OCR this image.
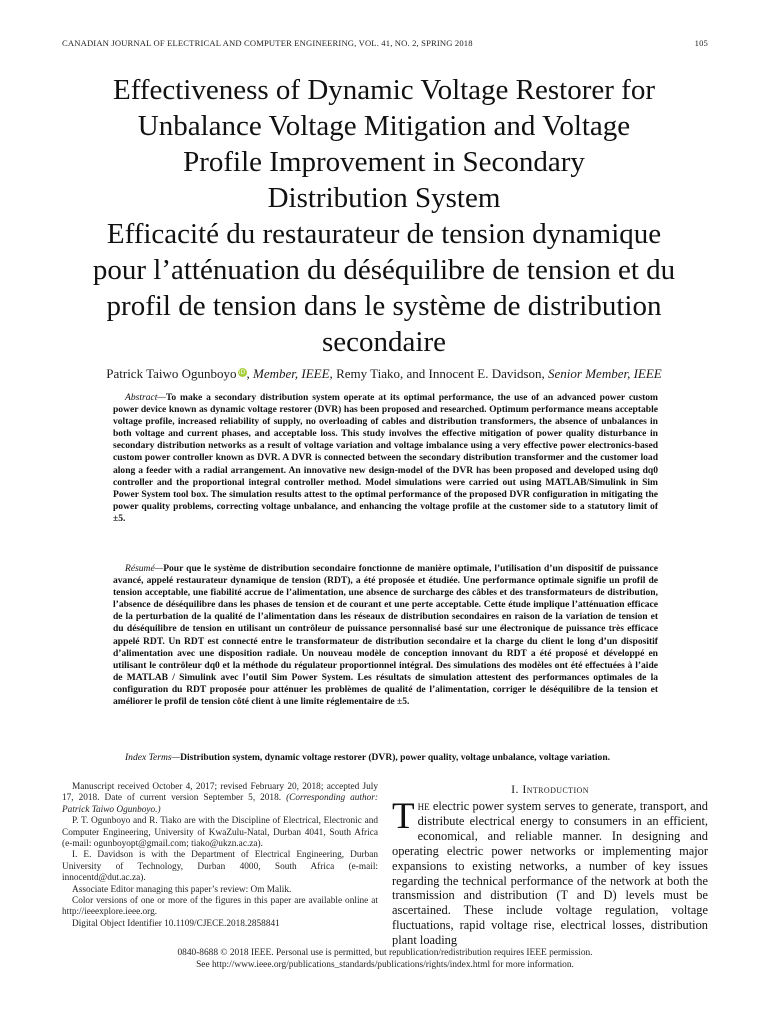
CANADIAN JOURNAL OF ELECTRICAL AND COMPUTER ENGINEERING, VOL. 41, NO. 2, SPRING 2018	105
Effectiveness of Dynamic Voltage Restorer for
Unbalance Voltage Mitigation and Voltage
Profile Improvement in Secondary
Distribution System
Efficacité du restaurateur de tension dynamique
pour l’atténuation du déséquilibre de tension et du
profil de tension dans le système de distribution
secondaire
Patrick Taiwo Ogunboyo iD, Member, IEEE, Remy Tiako, and Innocent E. Davidson, Senior Member, IEEE
Abstract—To make a secondary distribution system operate at its optimal performance, the use of an advanced power custom power device known as dynamic voltage restorer (DVR) has been proposed and researched. Optimum performance means acceptable voltage profile, increased reliability of supply, no overloading of cables and distribution transformers, the absence of unbalances in both voltage and current phases, and acceptable loss. This study involves the effective mitigation of power quality disturbance in secondary distribution networks as a result of voltage variation and voltage imbalance using a very effective power electronics-based custom power controller known as DVR. A DVR is connected between the secondary distribution transformer and the customer load along a feeder with a radial arrangement. An innovative new design-model of the DVR has been proposed and developed using dq0 controller and the proportional integral controller method. Model simulations were carried out using MATLAB/Simulink in Sim Power System tool box. The simulation results attest to the optimal performance of the proposed DVR configuration in mitigating the power quality problems, correcting voltage unbalance, and enhancing the voltage profile at the customer side to a statutory limit of ±5.
Résumé—Pour que le système de distribution secondaire fonctionne de manière optimale, l’utilisation d’un dispositif de puissance avancé, appelé restaurateur dynamique de tension (RDT), a été proposée et étudiée. Une performance optimale signifie un profil de tension acceptable, une fiabilité accrue de l’alimentation, une absence de surcharge des câbles et des transformateurs de distribution, l’absence de déséquilibre dans les phases de tension et de courant et une perte acceptable. Cette étude implique l’atténuation efficace de la perturbation de la qualité de l’alimentation dans les réseaux de distribution secondaires en raison de la variation de tension et du déséquilibre de tension en utilisant un contrôleur de puissance personnalisé basé sur une électronique de puissance très efficace appelé RDT. Un RDT est connecté entre le transformateur de distribution secondaire et la charge du client le long d’un dispositif d’alimentation avec une disposition radiale. Un nouveau modèle de conception innovant du RDT a été proposé et développé en utilisant le contrôleur dq0 et la méthode du régulateur proportionnel intégral. Des simulations des modèles ont été effectuées à l’aide de MATLAB / Simulink avec l’outil Sim Power System. Les résultats de simulation attestent des performances optimales de la configuration du RDT proposée pour atténuer les problèmes de qualité de l’alimentation, corriger le déséquilibre de la tension et améliorer le profil de tension côté client à une limite réglementaire de ±5.
Index Terms—Distribution system, dynamic voltage restorer (DVR), power quality, voltage unbalance, voltage variation.
Manuscript received October 4, 2017; revised February 20, 2018; accepted July 17, 2018. Date of current version September 5, 2018. (Corresponding author: Patrick Taiwo Ogunboyo.)
P. T. Ogunboyo and R. Tiako are with the Discipline of Electrical, Electronic and Computer Engineering, University of KwaZulu-Natal, Durban 4041, South Africa (e-mail: ogunboyopt@gmail.com; tiako@ukzn.ac.za).
I. E. Davidson is with the Department of Electrical Engineering, Durban University of Technology, Durban 4000, South Africa (e-mail: innocentd@dut.ac.za).
Associate Editor managing this paper’s review: Om Malik.
Color versions of one or more of the figures in this paper are available online at http://ieeexplore.ieee.org.
Digital Object Identifier 10.1109/CJECE.2018.2858841
I. Introduction
The electric power system serves to generate, transport, and distribute electrical energy to consumers in an efficient, economical, and reliable manner. In designing and operating electric power networks or implementing major expansions to existing networks, a number of key issues regarding the technical performance of the network at both the transmission and distribution (T and D) levels must be ascertained. These include voltage regulation, voltage fluctuations, rapid voltage rise, electrical losses, distribution plant loading
0840-8688 © 2018 IEEE. Personal use is permitted, but republication/redistribution requires IEEE permission.
See http://www.ieee.org/publications_standards/publications/rights/index.html for more information.
